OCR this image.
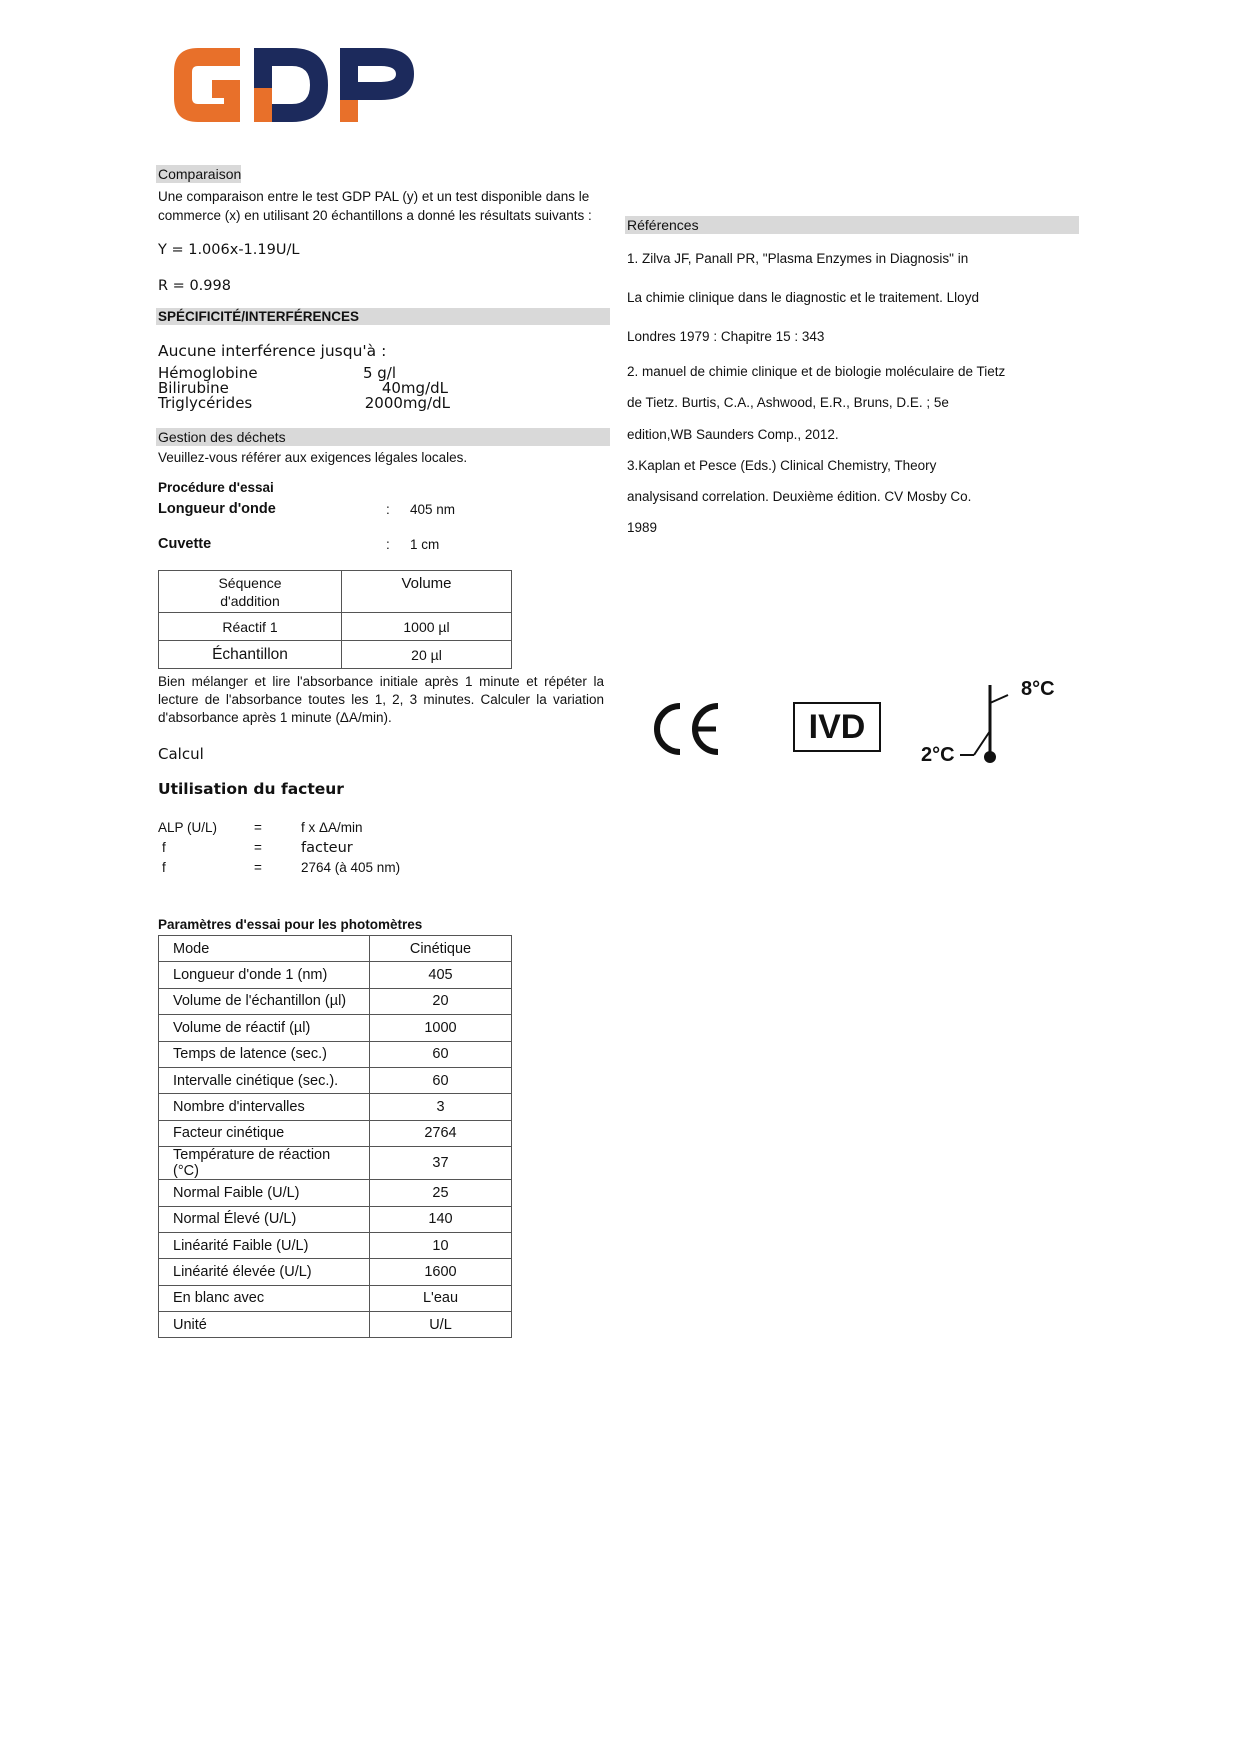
Comparaison
Une comparaison entre le test GDP PAL (y) et un test disponible dans le
commerce (x) en utilisant 20 échantillons a donné les résultats suivants :
Y = 1.006x-1.19U/L
R = 0.998
SPÉCIFICITÉ/INTERFÉRENCES
Aucune interférence jusqu'à :
Hémoglobine	5 g/l
Bilirubine	40mg/dL
Triglycérides	2000mg/dL
Gestion des déchets
Veuillez-vous référer aux exigences légales locales.
Procédure d'essai
Longueur d'onde	: 405 nm
Cuvette	: 1 cm
Séquence
d'addition	Volume
Réactif 1	1000 µl
Échantillon	20 µl
Bien mélanger et lire l'absorbance initiale après 1 minute et répéter la
lecture de l'absorbance toutes les 1, 2, 3 minutes. Calculer la variation
d'absorbance après 1 minute (ΔA/min).
Calcul
Utilisation du facteur
ALP (U/L)	=	f x ΔA/min
f	=	facteur
f	=	2764 (à 405 nm)
Paramètres d'essai pour les photomètres
Mode	Cinétique
Longueur d'onde 1 (nm)	405
Volume de l'échantillon (µl)	20
Volume de réactif (µl)	1000
Temps de latence (sec.)	60
Intervalle cinétique (sec.).	60
Nombre d'intervalles	3
Facteur cinétique	2764
Température de réaction (°C)	37
Normal Faible (U/L)	25
Normal Élevé (U/L)	140
Linéarité Faible (U/L)	10
Linéarité élevée (U/L)	1600
En blanc avec	L'eau
Unité	U/L
Références
1. Zilva JF, Panall PR, "Plasma Enzymes in Diagnosis" in
La chimie clinique dans le diagnostic et le traitement. Lloyd
Londres 1979 : Chapitre 15 : 343
2. manuel de chimie clinique et de biologie moléculaire de Tietz
de Tietz. Burtis, C.A., Ashwood, E.R., Bruns, D.E. ; 5e
edition,WB Saunders Comp., 2012.
3.Kaplan et Pesce (Eds.) Clinical Chemistry, Theory
analysisand correlation. Deuxième édition. CV Mosby Co.
1989
IVD
8°C
2°C
